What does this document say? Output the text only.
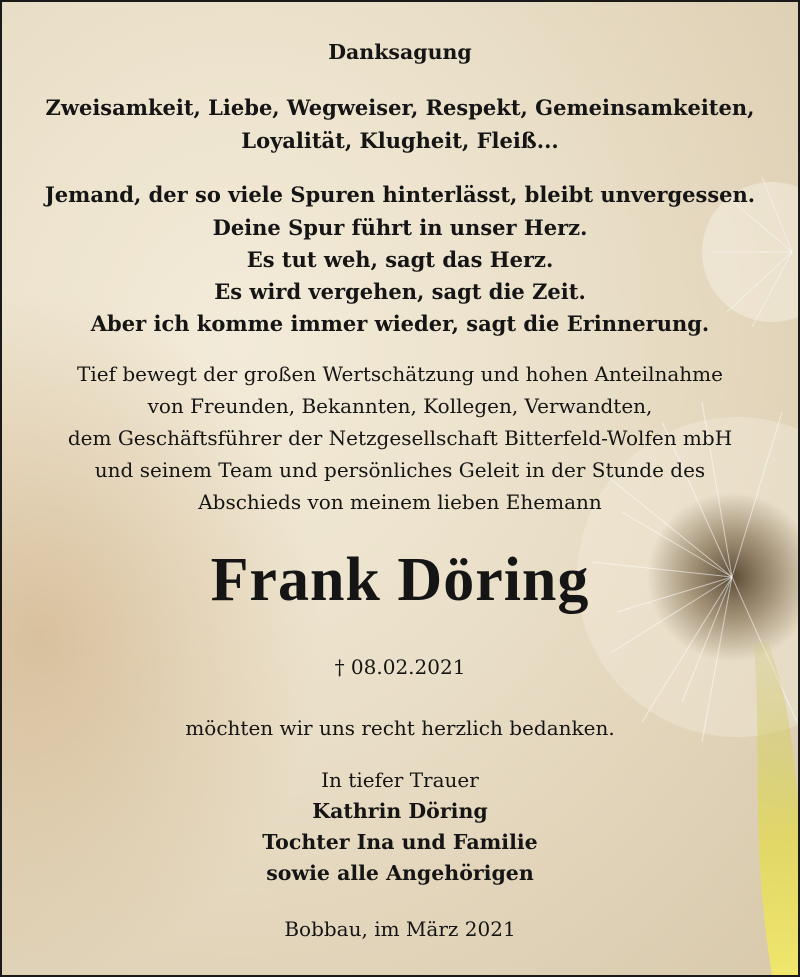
Danksagung
Zweisamkeit, Liebe, Wegweiser, Respekt, Gemeinsamkeiten,
Loyalität, Klugheit, Fleiß...
Jemand, der so viele Spuren hinterlässt, bleibt unvergessen.
Deine Spur führt in unser Herz.
Es tut weh, sagt das Herz.
Es wird vergehen, sagt die Zeit.
Aber ich komme immer wieder, sagt die Erinnerung.
Tief bewegt der großen Wertschätzung und hohen Anteilnahme
von Freunden, Bekannten, Kollegen, Verwandten,
dem Geschäftsführer der Netzgesellschaft Bitterfeld-Wolfen mbH
und seinem Team und persönliches Geleit in der Stunde des
Abschieds von meinem lieben Ehemann
Frank Döring
† 08.02.2021
möchten wir uns recht herzlich bedanken.
In tiefer Trauer
Kathrin Döring
Tochter Ina und Familie
sowie alle Angehörigen
Bobbau, im März 2021
